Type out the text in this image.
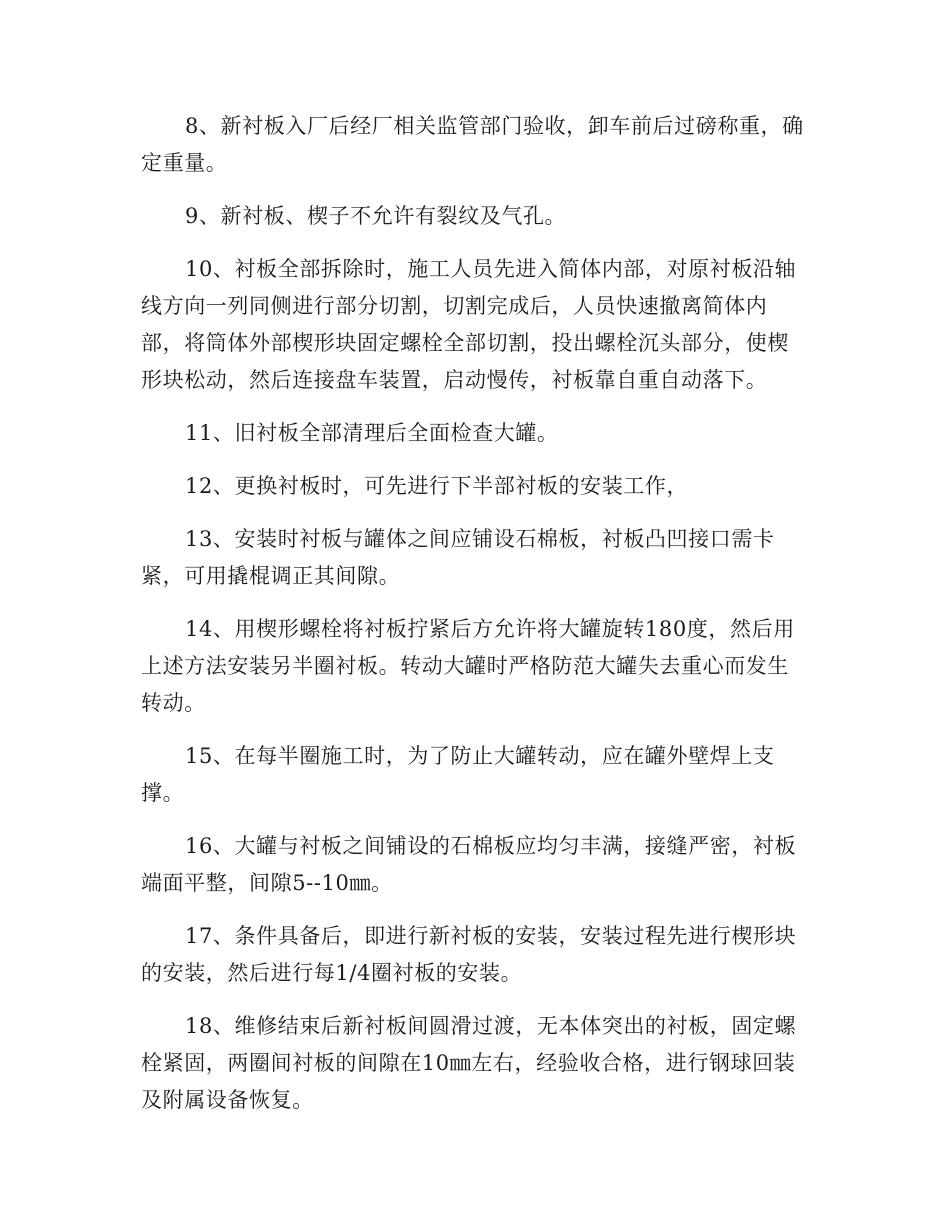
8、新衬板入厂后经厂相关监管部门验收，卸车前后过磅称重，确
定重量。

9、新衬板、楔子不允许有裂纹及气孔。

10、衬板全部拆除时，施工人员先进入简体内部，对原衬板沿轴
线方向一列同侧进行部分切割，切割完成后，人员快速撤离简体内
部，将筒体外部楔形块固定螺栓全部切割，投出螺栓沉头部分，使楔
形块松动，然后连接盘车装置，启动慢传，衬板靠自重自动落下。

11、旧衬板全部清理后全面检查大罐。

12、更换衬板时，可先进行下半部衬板的安装工作，

13、安装时衬板与罐体之间应铺设石棉板，衬板凸凹接口需卡
紧，可用撬棍调正其间隙。

14、用楔形螺栓将衬板拧紧后方允许将大罐旋转180度，然后用
上述方法安装另半圈衬板。转动大罐时严格防范大罐失去重心而发生
转动。

15、在每半圈施工时，为了防止大罐转动，应在罐外壁焊上支
撑。

16、大罐与衬板之间铺设的石棉板应均匀丰满，接缝严密，衬板
端面平整，间隙5--10㎜。

17、条件具备后，即进行新衬板的安装，安装过程先进行楔形块
的安装，然后进行每1/4圈衬板的安装。

18、维修结束后新衬板间圆滑过渡，无本体突出的衬板，固定螺
栓紧固，两圈间衬板的间隙在10㎜左右，经验收合格，进行钢球回装
及附属设备恢复。
